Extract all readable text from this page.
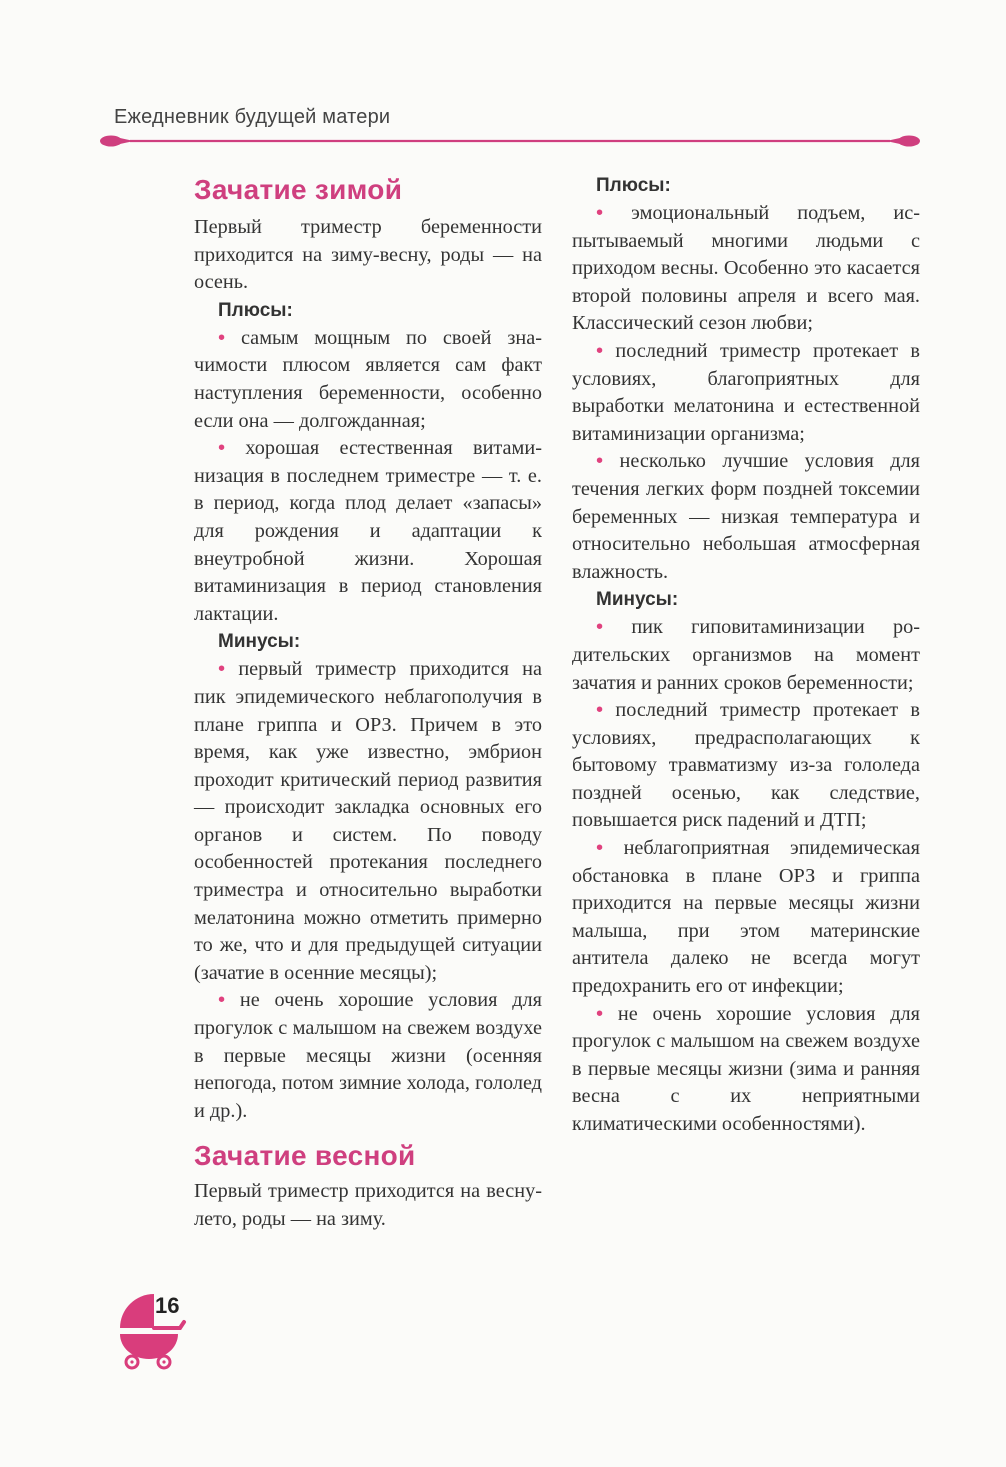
Ежедневник будущей матери
Зачатие зимой

Первый триместр беременности приходится на зиму-весну, роды — на осень.

Плюсы:

• самым мощным по своей значимости плюсом является сам факт наступления беременности, особенно если она — долгожданная;

• хорошая естественная витаминизация в последнем триместре — т. е. в период, когда плод делает «запасы» для рождения и адаптации к внеутробной жизни. Хорошая витаминизация в период становления лактации.

Минусы:

• первый триместр приходится на пик эпидемического неблагополучия в плане гриппа и ОРЗ. Причем в это время, как уже известно, эмбрион проходит критический период развития — происходит закладка основных его органов и систем. По поводу особенностей протекания последнего триместра и относительно выработки мелатонина можно отметить примерно то же, что и для предыдущей ситуации (зачатие в осенние месяцы);

• не очень хорошие условия для прогулок с малышом на свежем воздухе в первые месяцы жизни (осенняя непогода, потом зимние холода, гололед и др.).

Зачатие весной

Первый триместр приходится на весну-лето, роды — на зиму.

Плюсы:

• эмоциональный подъем, испытываемый многими людьми с приходом весны. Особенно это касается второй половины апреля и всего мая. Классический сезон любви;

• последний триместр протекает в условиях, благоприятных для выработки мелатонина и естественной витаминизации организма;

• несколько лучшие условия для течения легких форм поздней токсемии беременных — низкая температура и относительно небольшая атмосферная влажность.

Минусы:

• пик гиповитаминизации родительских организмов на момент зачатия и ранних сроков беременности;

• последний триместр протекает в условиях, предрасполагающих к бытовому травматизму из-за гололеда поздней осенью, как следствие, повышается риск падений и ДТП;

• неблагоприятная эпидемическая обстановка в плане ОРЗ и гриппа приходится на первые месяцы жизни малыша, при этом материнские антитела далеко не всегда могут предохранить его от инфекции;

• не очень хорошие условия для прогулок с малышом на свежем воздухе в первые месяцы жизни (зима и ранняя весна с их неприятными климатическими особенностями).

16
